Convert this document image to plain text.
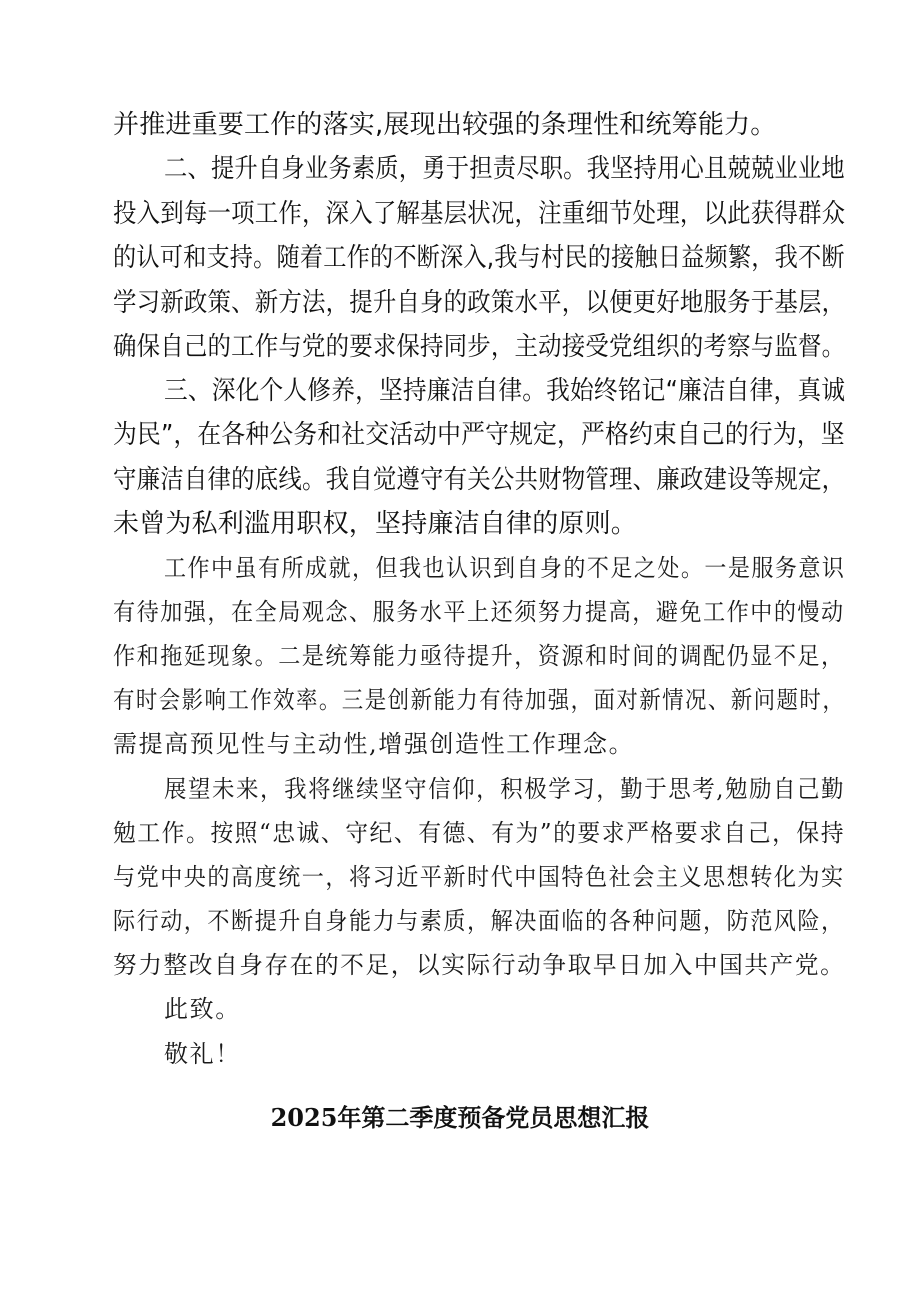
并推进重要工作的落实,展现出较强的条理性和统筹能力。
二、提升自身业务素质，勇于担责尽职。我坚持用心且兢兢业业地
投入到每一项工作，深入了解基层状况，注重细节处理，以此获得群众
的认可和支持。随着工作的不断深入,我与村民的接触日益频繁，我不断
学习新政策、新方法，提升自身的政策水平，以便更好地服务于基层，
确保自己的工作与党的要求保持同步，主动接受党组织的考察与监督。
三、深化个人修养，坚持廉洁自律。我始终铭记“廉洁自律，真诚
为民”，在各种公务和社交活动中严守规定，严格约束自己的行为，坚
守廉洁自律的底线。我自觉遵守有关公共财物管理、廉政建设等规定，
未曾为私利滥用职权，坚持廉洁自律的原则。
工作中虽有所成就，但我也认识到自身的不足之处。一是服务意识
有待加强，在全局观念、服务水平上还须努力提高，避免工作中的慢动
作和拖延现象。二是统筹能力亟待提升，资源和时间的调配仍显不足，
有时会影响工作效率。三是创新能力有待加强，面对新情况、新问题时，
需提高预见性与主动性,增强创造性工作理念。
展望未来，我将继续坚守信仰，积极学习，勤于思考,勉励自己勤
勉工作。按照“忠诚、守纪、有德、有为”的要求严格要求自己，保持
与党中央的高度统一，将习近平新时代中国特色社会主义思想转化为实
际行动，不断提升自身能力与素质，解决面临的各种问题，防范风险，
努力整改自身存在的不足，以实际行动争取早日加入中国共产党。
此致。
敬礼！
2025年第二季度预备党员思想汇报
